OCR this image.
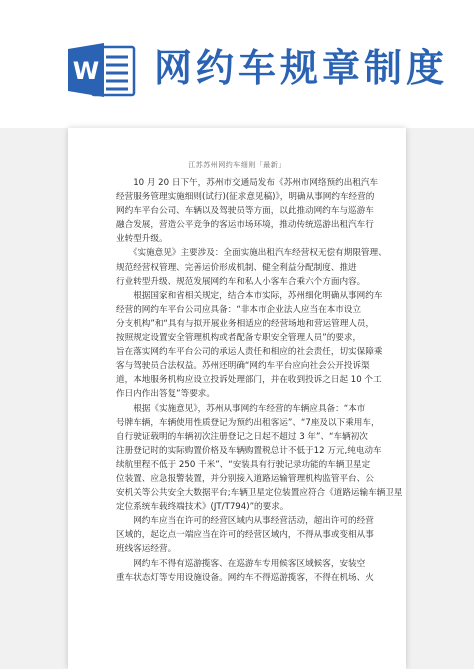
W 网约车规章制度
江苏苏州网约车细则「最新」

　　10 月 20 日下午，苏州市交通局发布《苏州市网络预约出租汽车
经营服务管理实施细则(试行)(征求意见稿)》，明确从事网约车经营的
网约车平台公司、车辆以及驾驶员等方面，以此推动网约车与巡游车
融合发展，营造公平竞争的客运市场环境，推动传统巡游出租汽车行
业转型升级。

　　《实施意见》主要涉及：全面实施出租汽车经营权无偿有期限管理、
规范经营权管理、完善运价形成机制、健全利益分配制度、推进
行业转型升级、规范发展网约车和私人小客车合乘六个方面内容。

　　根据国家和省相关规定，结合本市实际，苏州细化明确从事网约车
经营的网约车平台公司应具备：“非本市企业法人应当在本市设立
分支机构”和“具有与拟开展业务相适应的经营场地和营运管理人员，
按照规定设置安全管理机构或者配备专职安全管理人员”的要求，
旨在落实网约车平台公司的承运人责任和相应的社会责任，切实保障乘
客与驾驶员合法权益。苏州还明确“网约车平台应向社会公开投诉渠
道，本地服务机构应设立投诉处理部门，并在收到投诉之日起 10 个工
作日内作出答复”等要求。

　　根据《实施意见》，苏州从事网约车经营的车辆应具备：“本市
号牌车辆，车辆使用性质登记为预约出租客运”、“7座及以下乘用车，
自行驶证载明的车辆初次注册登记之日起不超过 3 年”、“车辆初次
注册登记时的实际购置价格及车辆购置税总计不低于12 万元,纯电动车
续航里程不低于 250 千米”、“安装具有行驶记录功能的车辆卫星定
位装置、应急报警装置，并分别接入道路运输管理机构监管平台、公
安机关等公共安全大数据平台;车辆卫星定位装置应符合《道路运输车辆卫星
定位系统车载终端技术》(JT/T794)”的要求。

　　网约车应当在许可的经营区域内从事经营活动，超出许可的经营
区域的，起讫点一端应当在许可的经营区域内，不得从事或变相从事
班线客运经营。
　　网约车不得有巡游揽客、在巡游车专用候客区域候客，安装空
重车状态灯等专用设施设备。网约车不得巡游揽客，不得在机场、火
